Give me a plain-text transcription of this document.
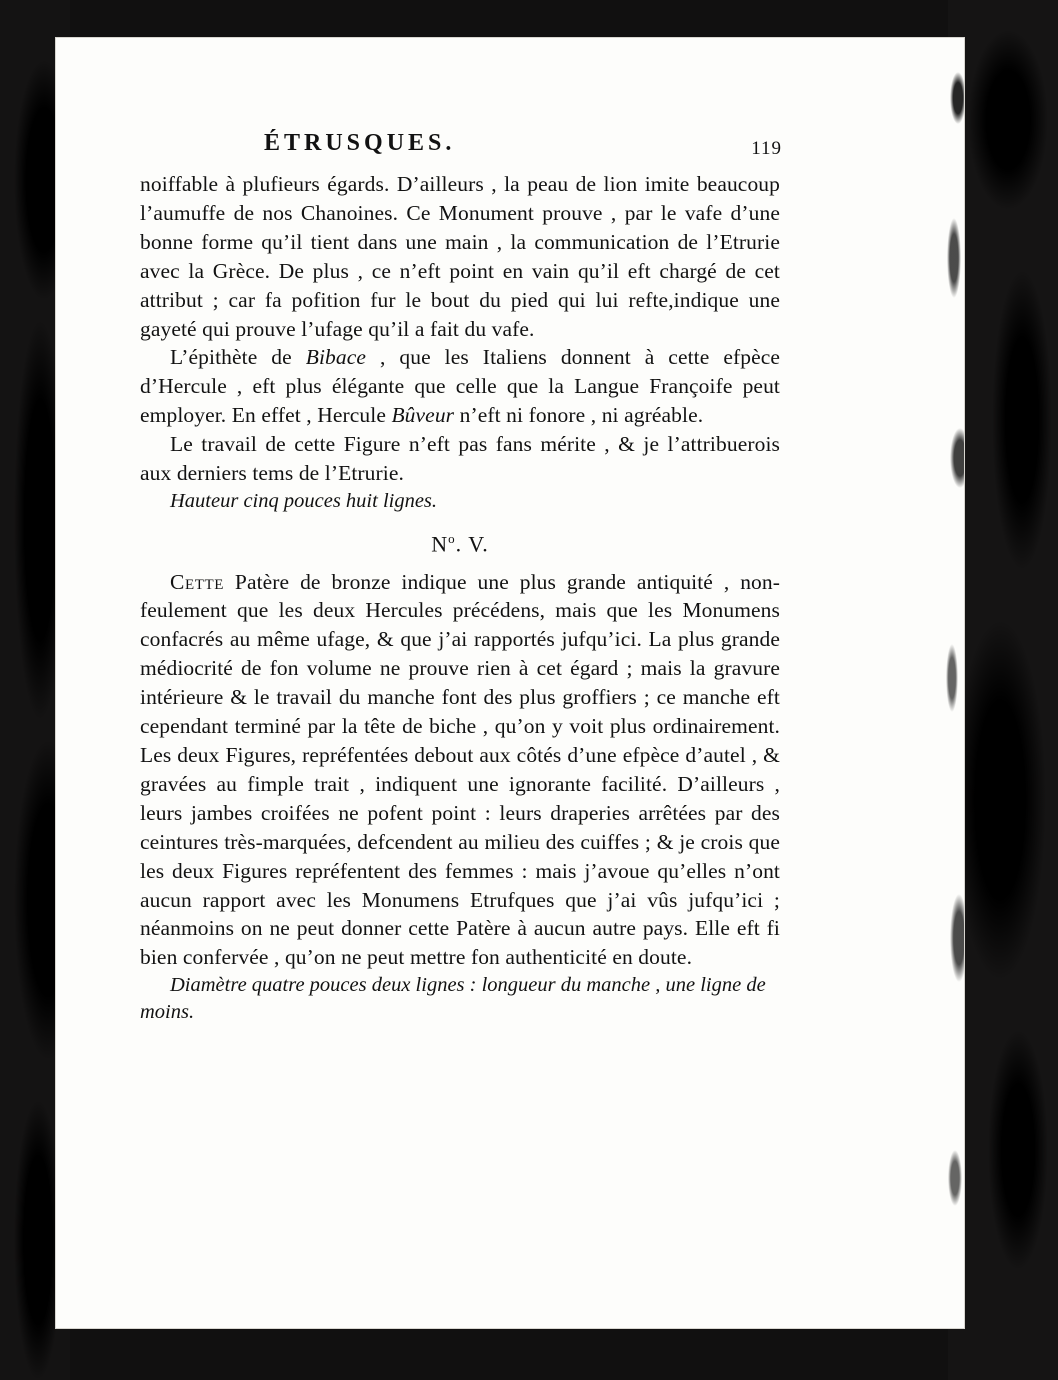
ÉTRUSQUES.	119

noiffable à plufieurs égards. D’ailleurs , la peau de lion imite beaucoup l’aumuffe de nos Chanoines. Ce Monument prouve , par le vafe d’une bonne forme qu’il tient dans une main , la communication de l’Etrurie avec la Grèce. De plus , ce n’eft point en vain qu’il eft chargé de cet attribut ; car fa pofition fur le bout du pied qui lui refte,indique une gayeté qui prouve l’ufage qu’il a fait du vafe.

L’épithète de Bibace , que les Italiens donnent à cette efpèce d’Hercule , eft plus élégante que celle que la Langue Françoife peut employer. En effet , Hercule Bûveur n’eft ni fonore , ni agréable.

Le travail de cette Figure n’eft pas fans mérite , & je l’attribuerois aux derniers tems de l’Etrurie.

Hauteur cinq pouces huit lignes.

$N^o$. V.

Cette Patère de bronze indique une plus grande antiquité , non-feulement que les deux Hercules précédens, mais que les Monumens confacrés au même ufage, & que j’ai rapportés jufqu’ici. La plus grande médiocrité de fon volume ne prouve rien à cet égard ; mais la gravure intérieure & le travail du manche font des plus groffiers ; ce manche eft cependant terminé par la tête de biche , qu’on y voit plus ordinairement. Les deux Figures, repréfentées debout aux côtés d’une efpèce d’autel , & gravées au fimple trait , indiquent une ignorante facilité. D’ailleurs , leurs jambes croifées ne pofent point : leurs draperies arrêtées par des ceintures très-marquées, defcendent au milieu des cuiffes ; & je crois que les deux Figures repréfentent des femmes : mais j’avoue qu’elles n’ont aucun rapport avec les Monumens Etrufques que j’ai vûs jufqu’ici ; néanmoins on ne peut donner cette Patère à aucun autre pays. Elle eft fi bien confervée , qu’on ne peut mettre fon authenticité en doute.

Diamètre quatre pouces deux lignes : longueur du manche , une ligne de moins.
